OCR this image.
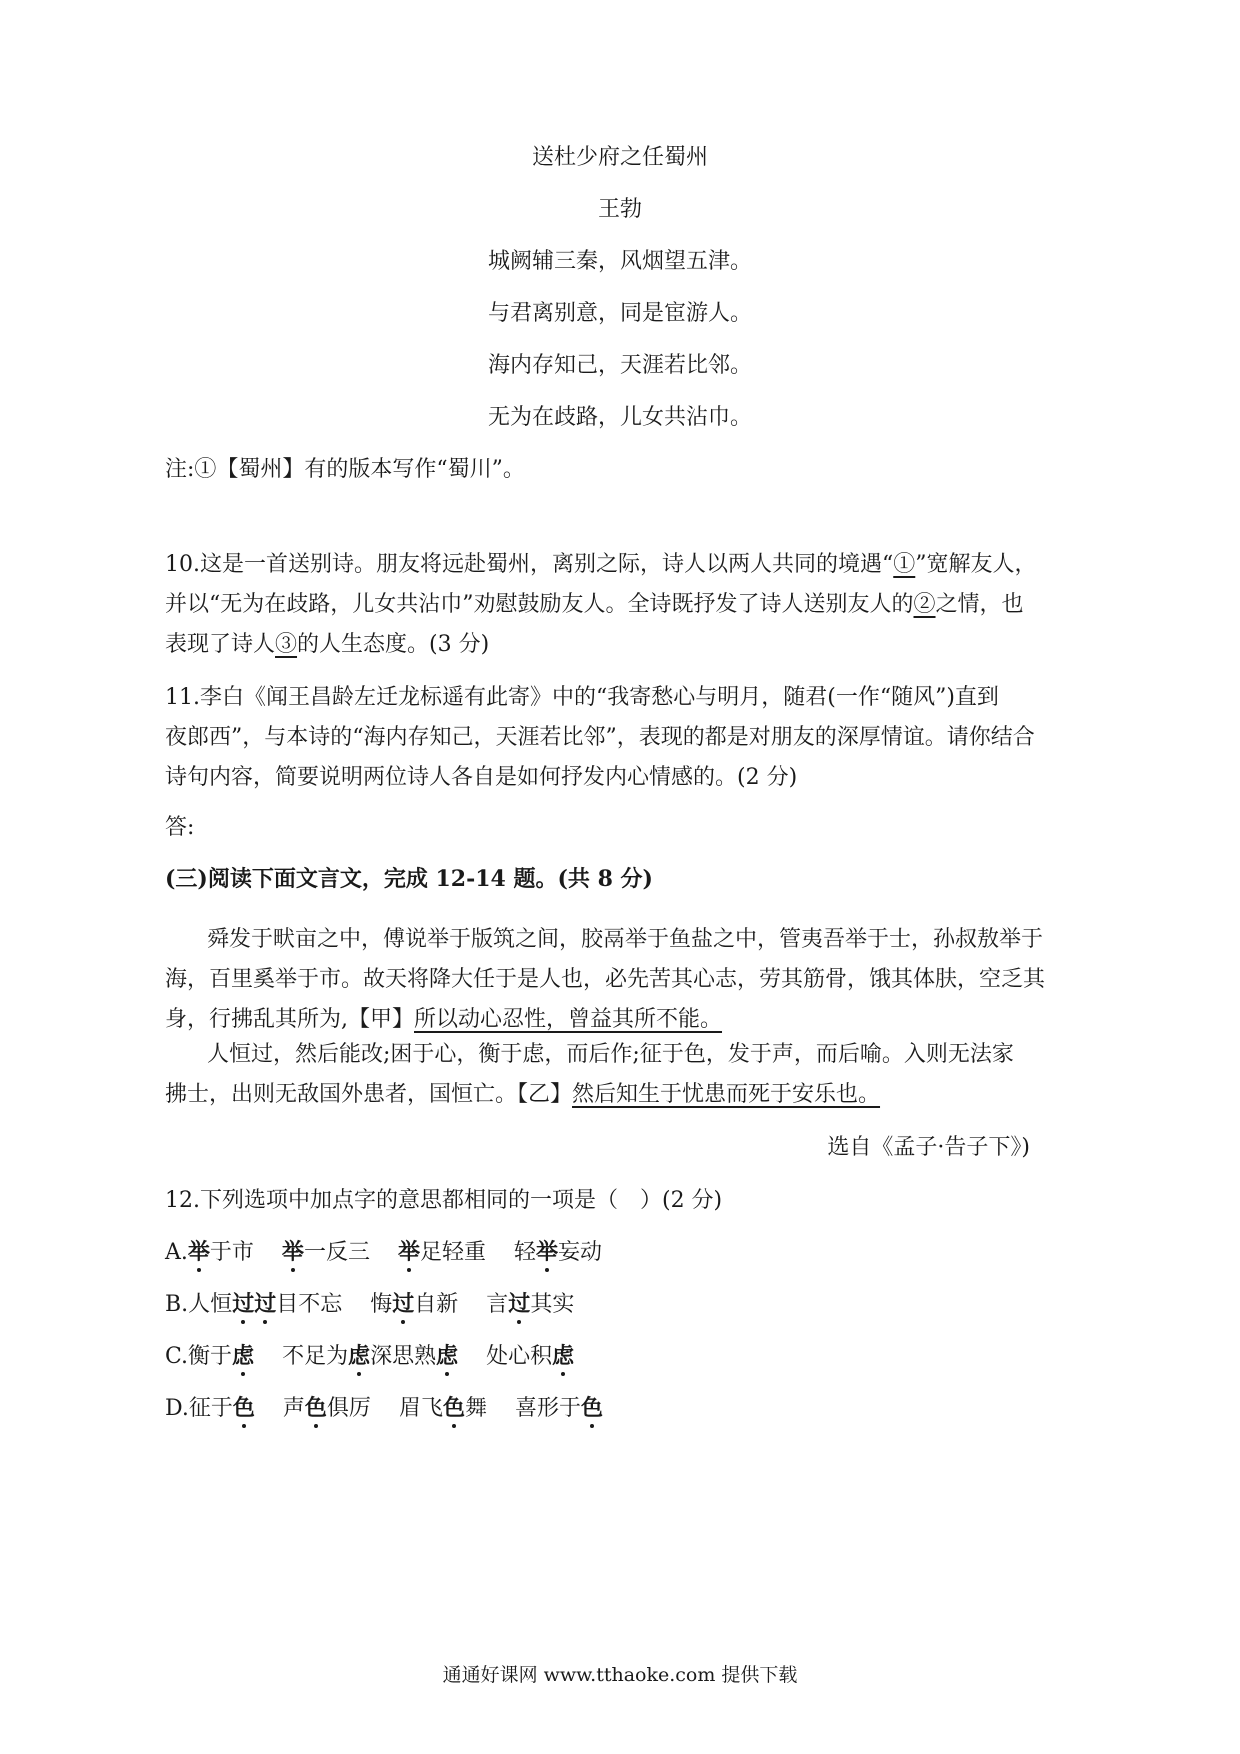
送杜少府之任蜀州
王勃
城阙辅三秦，风烟望五津。
与君离别意，同是宦游人。
海内存知己，天涯若比邻。
无为在歧路，儿女共沾巾。
注:①【蜀州】有的版本写作“蜀川”。
10.这是一首送别诗。朋友将远赴蜀州，离别之际，诗人以两人共同的境遇“①”宽解友人，
并以“无为在歧路，儿女共沾巾”劝慰鼓励友人。全诗既抒发了诗人送别友人的②之情，也
表现了诗人③的人生态度。(3 分)
11.李白《闻王昌龄左迁龙标遥有此寄》中的“我寄愁心与明月，随君(一作“随风”)直到
夜郎西”，与本诗的“海内存知己，天涯若比邻”，表现的都是对朋友的深厚情谊。请你结合
诗句内容，简要说明两位诗人各自是如何抒发内心情感的。(2 分)
答:
(三)阅读下面文言文，完成 12-14 题。(共 8 分)
舜发于畎亩之中，傅说举于版筑之间，胶鬲举于鱼盐之中，管夷吾举于士，孙叔敖举于
海，百里奚举于市。故天将降大任于是人也，必先苦其心志，劳其筋骨，饿其体肤，空乏其
身，行拂乱其所为,【甲】所以动心忍性，曾益其所不能。
人恒过，然后能改;困于心，衡于虑，而后作;征于色，发于声，而后喻。入则无法家
拂士，出则无敌国外患者，国恒亡。【乙】然后知生于忧患而死于安乐也。
选自《孟子·告子下》)
12.下列选项中加点字的意思都相同的一项是（　）(2 分)
A.举于市 举一反三 举足轻重 轻举妄动
B.人恒过过目不忘 悔过自新 言过其实
C.衡于虑 不足为虑深思熟虑 处心积虑
D.征于色 声色俱厉 眉飞色舞 喜形于色
通通好课网 www.tthaoke.com 提供下载
